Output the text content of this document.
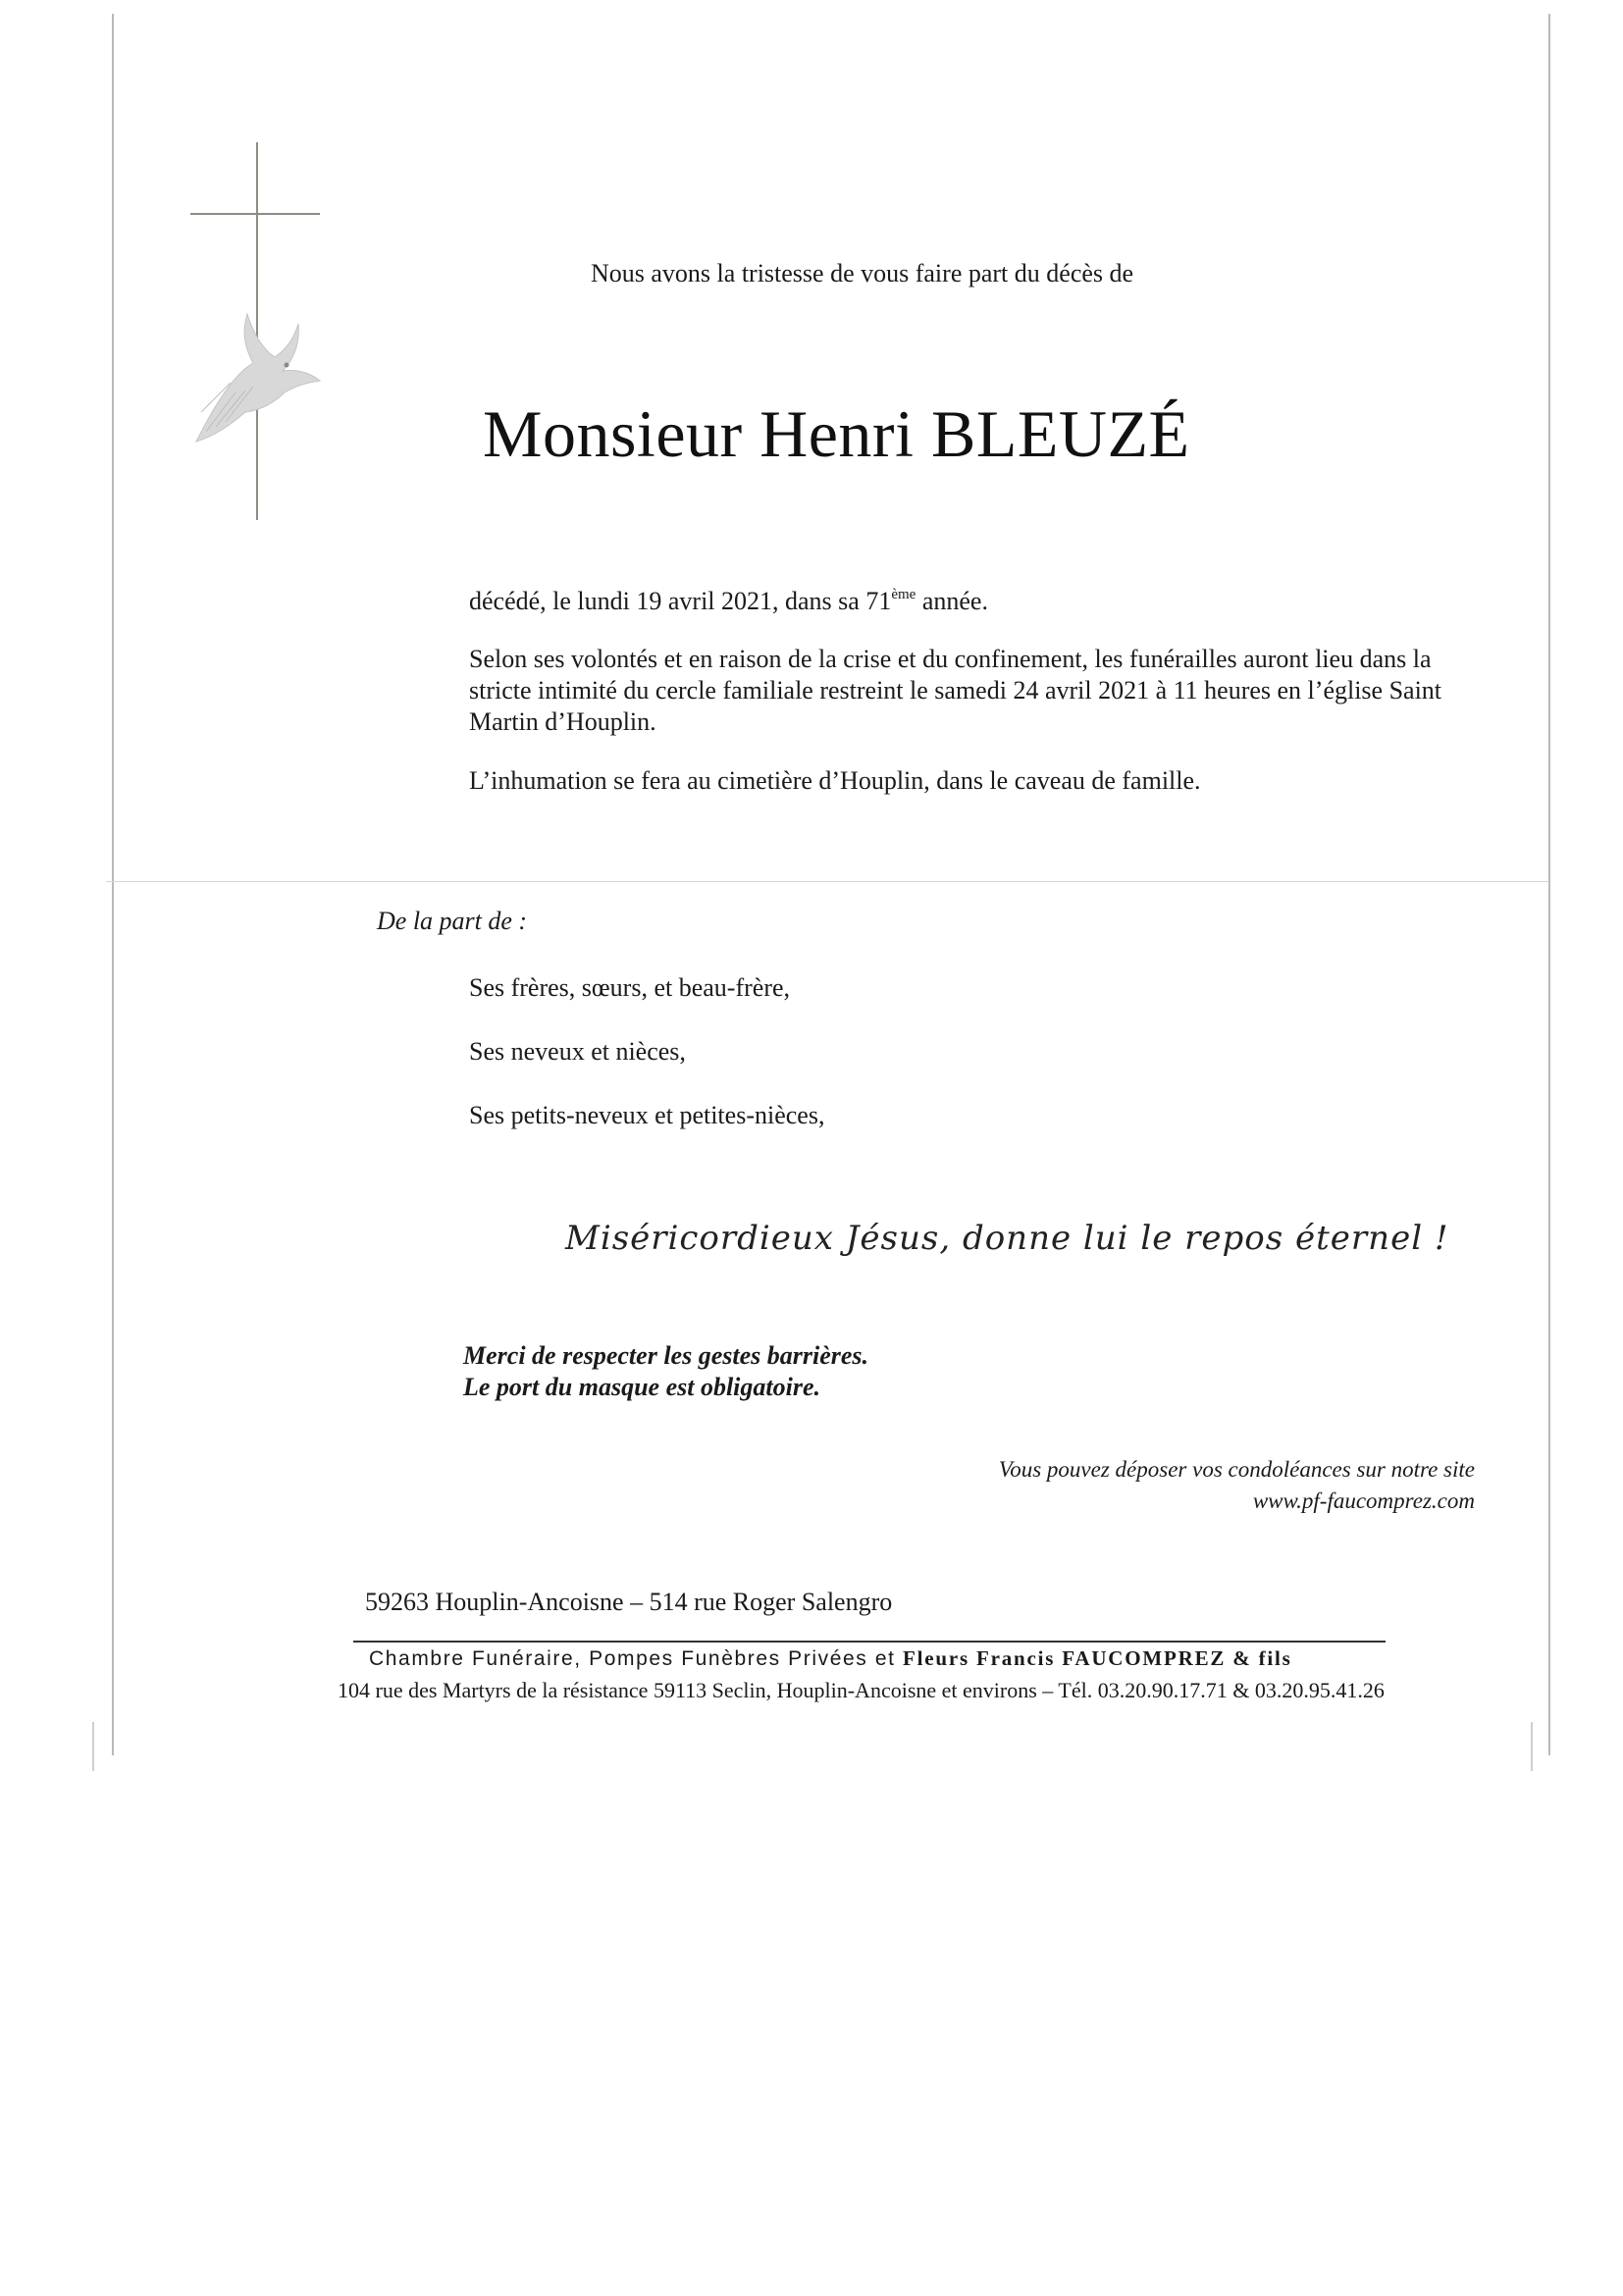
Nous avons la tristesse de vous faire part du décès de

Monsieur Henri BLEUZÉ

décédé, le lundi 19 avril 2021, dans sa 71ème année.

Selon ses volontés et en raison de la crise et du confinement, les funérailles auront lieu dans la stricte intimité du cercle familiale restreint le samedi 24 avril 2021 à 11 heures en l’église Saint Martin d’Houplin.

L’inhumation se fera au cimetière d’Houplin, dans le caveau de famille.

De la part de :

Ses frères, sœurs, et beau-frère,

Ses neveux et nièces,

Ses petits-neveux et petites-nièces,

Miséricordieux Jésus, donne lui le repos éternel !

Merci de respecter les gestes barrières.
Le port du masque est obligatoire.
Vous pouvez déposer vos condoléances sur notre site
www.pf-faucomprez.com

59263 Houplin-Ancoisne – 514 rue Roger Salengro

Chambre Funéraire, Pompes Funèbres Privées et Fleurs Francis FAUCOMPREZ & fils

104 rue des Martyrs de la résistance 59113 Seclin, Houplin-Ancoisne et environs – Tél. 03.20.90.17.71 & 03.20.95.41.26
